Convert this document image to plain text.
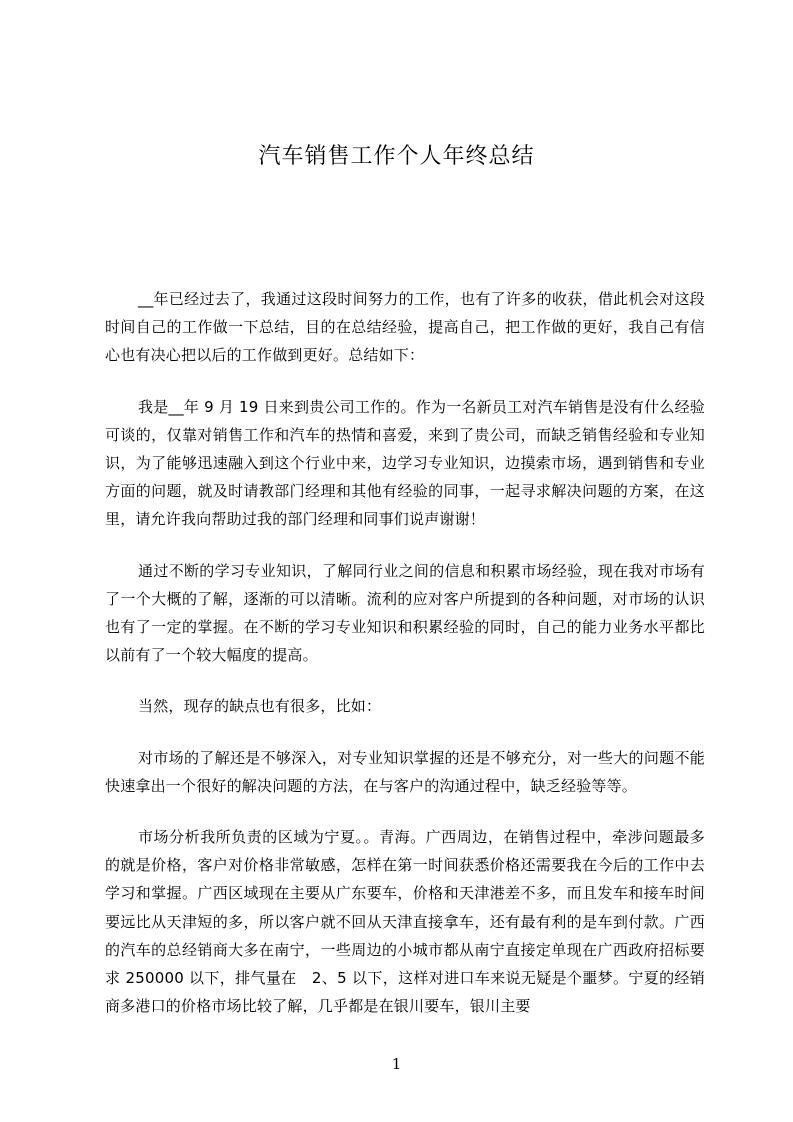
汽车销售工作个人年终总结

__年已经过去了，我通过这段时间努力的工作，也有了许多的收获，借此机会对这段时间自己的工作做一下总结，目的在总结经验，提高自己，把工作做的更好，我自己有信心也有决心把以后的工作做到更好。总结如下：

我是__年 9 月 19 日来到贵公司工作的。作为一名新员工对汽车销售是没有什么经验可谈的，仅靠对销售工作和汽车的热情和喜爱，来到了贵公司，而缺乏销售经验和专业知识，为了能够迅速融入到这个行业中来，边学习专业知识，边摸索市场，遇到销售和专业方面的问题，就及时请教部门经理和其他有经验的同事，一起寻求解决问题的方案，在这里，请允许我向帮助过我的部门经理和同事们说声谢谢！

通过不断的学习专业知识，了解同行业之间的信息和积累市场经验，现在我对市场有了一个大概的了解，逐渐的可以清晰。流利的应对客户所提到的各种问题，对市场的认识也有了一定的掌握。在不断的学习专业知识和积累经验的同时，自己的能力业务水平都比以前有了一个较大幅度的提高。

当然，现存的缺点也有很多，比如：

对市场的了解还是不够深入，对专业知识掌握的还是不够充分，对一些大的问题不能快速拿出一个很好的解决问题的方法，在与客户的沟通过程中，缺乏经验等等。

市场分析我所负责的区域为宁夏。。青海。广西周边，在销售过程中，牵涉问题最多的就是价格，客户对价格非常敏感，怎样在第一时间获悉价格还需要我在今后的工作中去学习和掌握。广西区域现在主要从广东要车，价格和天津港差不多，而且发车和接车时间要远比从天津短的多，所以客户就不回从天津直接拿车，还有最有利的是车到付款。广西的汽车的总经销商大多在南宁，一些周边的小城市都从南宁直接定单现在广西政府招标要求 250000 以下，排气量在　2、5 以下，这样对进口车来说无疑是个噩梦。宁夏的经销商多港口的价格市场比较了解，几乎都是在银川要车，银川主要

1
